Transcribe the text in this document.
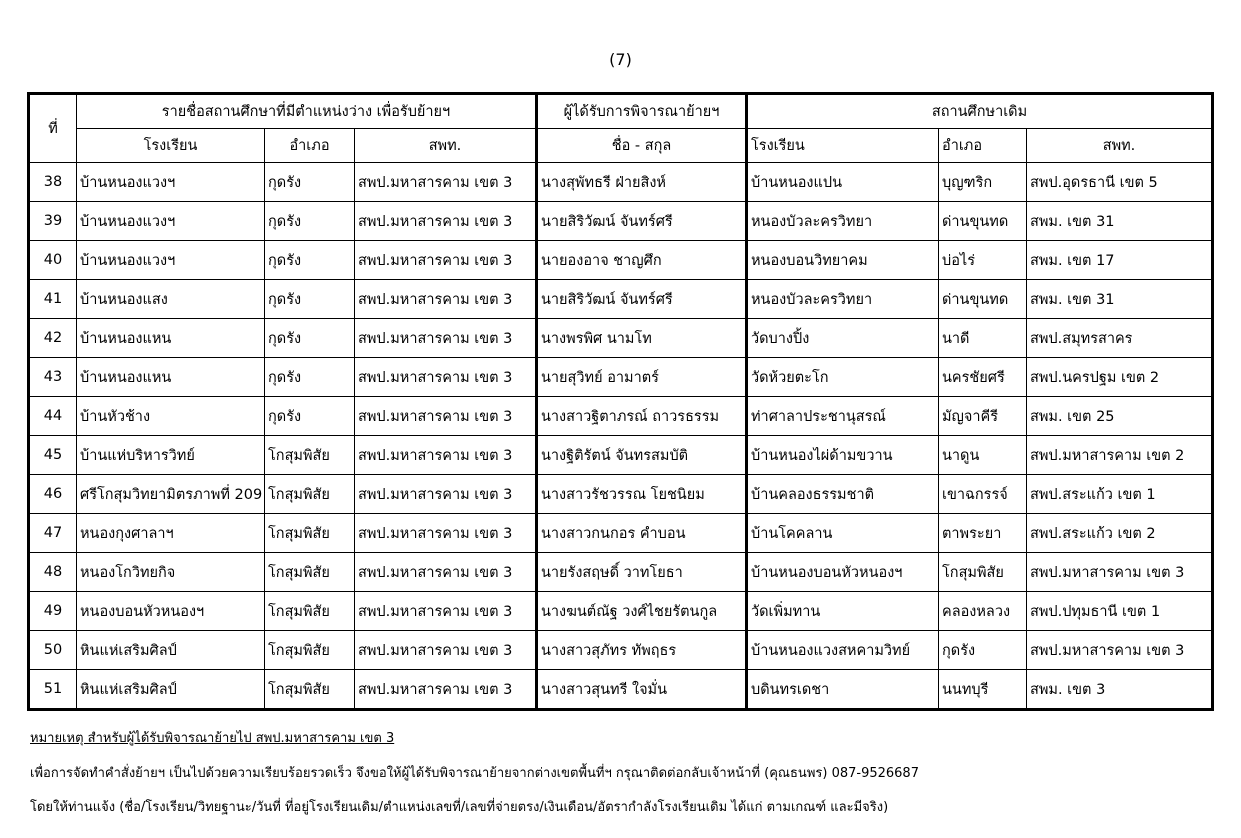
(7)
ที่	รายชื่อสถานศึกษาที่มีตำแหน่งว่าง เพื่อรับย้ายฯ			ผู้ได้รับการพิจารณาย้ายฯ	สถานศึกษาเดิม		
	โรงเรียน	อำเภอ	สพท.	ชื่อ - สกุล	โรงเรียน	อำเภอ	สพท.
38	บ้านหนองแวงฯ	กุดรัง	สพป.มหาสารคาม เขต 3	นางสุพัทธรี ฝ่ายสิงห์	บ้านหนองแปน	บุญฑริก	สพป.อุดรธานี เขต 5
39	บ้านหนองแวงฯ	กุดรัง	สพป.มหาสารคาม เขต 3	นายสิริวัฒน์ จันทร์ศรี	หนองบัวละครวิทยา	ด่านขุนทด	สพม. เขต 31
40	บ้านหนองแวงฯ	กุดรัง	สพป.มหาสารคาม เขต 3	นายองอาจ ชาญศึก	หนองบอนวิทยาคม	บ่อไร่	สพม. เขต 17
41	บ้านหนองแสง	กุดรัง	สพป.มหาสารคาม เขต 3	นายสิริวัฒน์ จันทร์ศรี	หนองบัวละครวิทยา	ด่านขุนทด	สพม. เขต 31
42	บ้านหนองแหน	กุดรัง	สพป.มหาสารคาม เขต 3	นางพรพิศ นามโท	วัดบางปิ้ง	นาดี	สพป.สมุทรสาคร
43	บ้านหนองแหน	กุดรัง	สพป.มหาสารคาม เขต 3	นายสุวิทย์ อามาตร์	วัดห้วยตะโก	นครชัยศรี	สพป.นครปฐม เขต 2
44	บ้านหัวช้าง	กุดรัง	สพป.มหาสารคาม เขต 3	นางสาวฐิตาภรณ์ ถาวรธรรม	ท่าศาลาประชานุสรณ์	มัญจาคีรี	สพม. เขต 25
45	บ้านแห่บริหารวิทย์	โกสุมพิสัย	สพป.มหาสารคาม เขต 3	นางฐิติรัตน์ จันทรสมบัติ	บ้านหนองไผ่ด้ามขวาน	นาดูน	สพป.มหาสารคาม เขต 2
46	ศรีโกสุมวิทยามิตรภาพที่ 209	โกสุมพิสัย	สพป.มหาสารคาม เขต 3	นางสาวรัชวรรณ โยชนิยม	บ้านคลองธรรมชาติ	เขาฉกรรจ์	สพป.สระแก้ว เขต 1
47	หนองกุงศาลาฯ	โกสุมพิสัย	สพป.มหาสารคาม เขต 3	นางสาวกนกอร คำบอน	บ้านโคคลาน	ตาพระยา	สพป.สระแก้ว เขต 2
48	หนองโกวิทยกิจ	โกสุมพิสัย	สพป.มหาสารคาม เขต 3	นายรังสฤษดิ์ วาทโยธา	บ้านหนองบอนหัวหนองฯ	โกสุมพิสัย	สพป.มหาสารคาม เขต 3
49	หนองบอนหัวหนองฯ	โกสุมพิสัย	สพป.มหาสารคาม เขต 3	นางฆนต์ณัฐ วงศ์ไชยรัตนกูล	วัดเพิ่มทาน	คลองหลวง	สพป.ปทุมธานี เขต 1
50	หินแห่เสริมศิลป์	โกสุมพิสัย	สพป.มหาสารคาม เขต 3	นางสาวสุภัทร ทัพฤธร	บ้านหนองแวงสหคามวิทย์	กุดรัง	สพป.มหาสารคาม เขต 3
51	หินแห่เสริมศิลป์	โกสุมพิสัย	สพป.มหาสารคาม เขต 3	นางสาวสุนทรี ใจมั่น	บดินทรเดชา	นนทบุรี	สพม. เขต 3
หมายเหตุ สำหรับผู้ได้รับพิจารณาย้ายไป สพป.มหาสารคาม เขต 3
เพื่อการจัดทำคำสั่งย้ายฯ เป็นไปด้วยความเรียบร้อยรวดเร็ว จึงขอให้ผู้ได้รับพิจารณาย้ายจากต่างเขตพื้นที่ฯ กรุณาติดต่อกลับเจ้าหน้าที่ (คุณธนพร) 087-9526687
โดยให้ท่านแจ้ง (ชื่อ/โรงเรียน/วิทยฐานะ/วันที่ ที่อยู่โรงเรียนเดิม/ตำแหน่งเลขที่/เลขที่จ่ายตรง/เงินเดือน/อัตรากำลังโรงเรียนเดิม ได้แก่ ตามเกณฑ์ และมีจริง)
